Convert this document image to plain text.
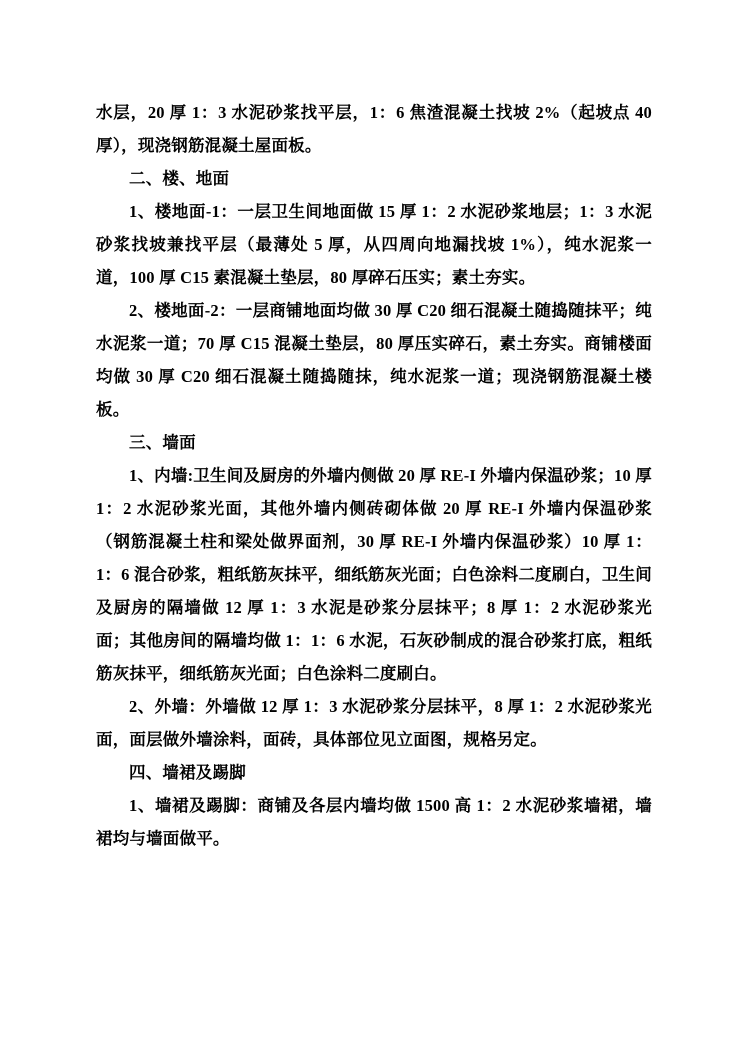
水层，20 厚 1：3 水泥砂浆找平层，1：6 焦渣混凝土找坡 2%（起坡点 40 厚），现浇钢筋混凝土屋面板。

二、楼、地面

1、楼地面-1：一层卫生间地面做 15 厚 1：2 水泥砂浆地层；1：3 水泥砂浆找坡兼找平层（最薄处 5 厚，从四周向地漏找坡 1%），纯水泥浆一道，100 厚 C15 素混凝土垫层，80 厚碎石压实；素土夯实。

2、楼地面-2：一层商铺地面均做 30 厚 C20 细石混凝土随捣随抹平；纯水泥浆一道；70 厚 C15 混凝土垫层，80 厚压实碎石，素土夯实。商铺楼面均做 30 厚 C20 细石混凝土随捣随抹，纯水泥浆一道；现浇钢筋混凝土楼板。

三、墙面

1、内墙:卫生间及厨房的外墙内侧做 20 厚 RE-I 外墙内保温砂浆；10 厚 1：2 水泥砂浆光面，其他外墙内侧砖砌体做 20 厚 RE-I 外墙内保温砂浆（钢筋混凝土柱和梁处做界面剂，30 厚 RE-I 外墙内保温砂浆）10 厚 1：1：6 混合砂浆，粗纸筋灰抹平，细纸筋灰光面；白色涂料二度刷白，卫生间及厨房的隔墙做 12 厚 1：3 水泥是砂浆分层抹平；8 厚 1：2 水泥砂浆光面；其他房间的隔墙均做 1：1：6 水泥，石灰砂制成的混合砂浆打底，粗纸筋灰抹平，细纸筋灰光面；白色涂料二度刷白。

2、外墙：外墙做 12 厚 1：3 水泥砂浆分层抹平，8 厚 1：2 水泥砂浆光面，面层做外墙涂料，面砖，具体部位见立面图，规格另定。

四、墙裙及踢脚

1、墙裙及踢脚：商铺及各层内墙均做 1500 高 1：2 水泥砂浆墙裙，墙裙均与墙面做平。
